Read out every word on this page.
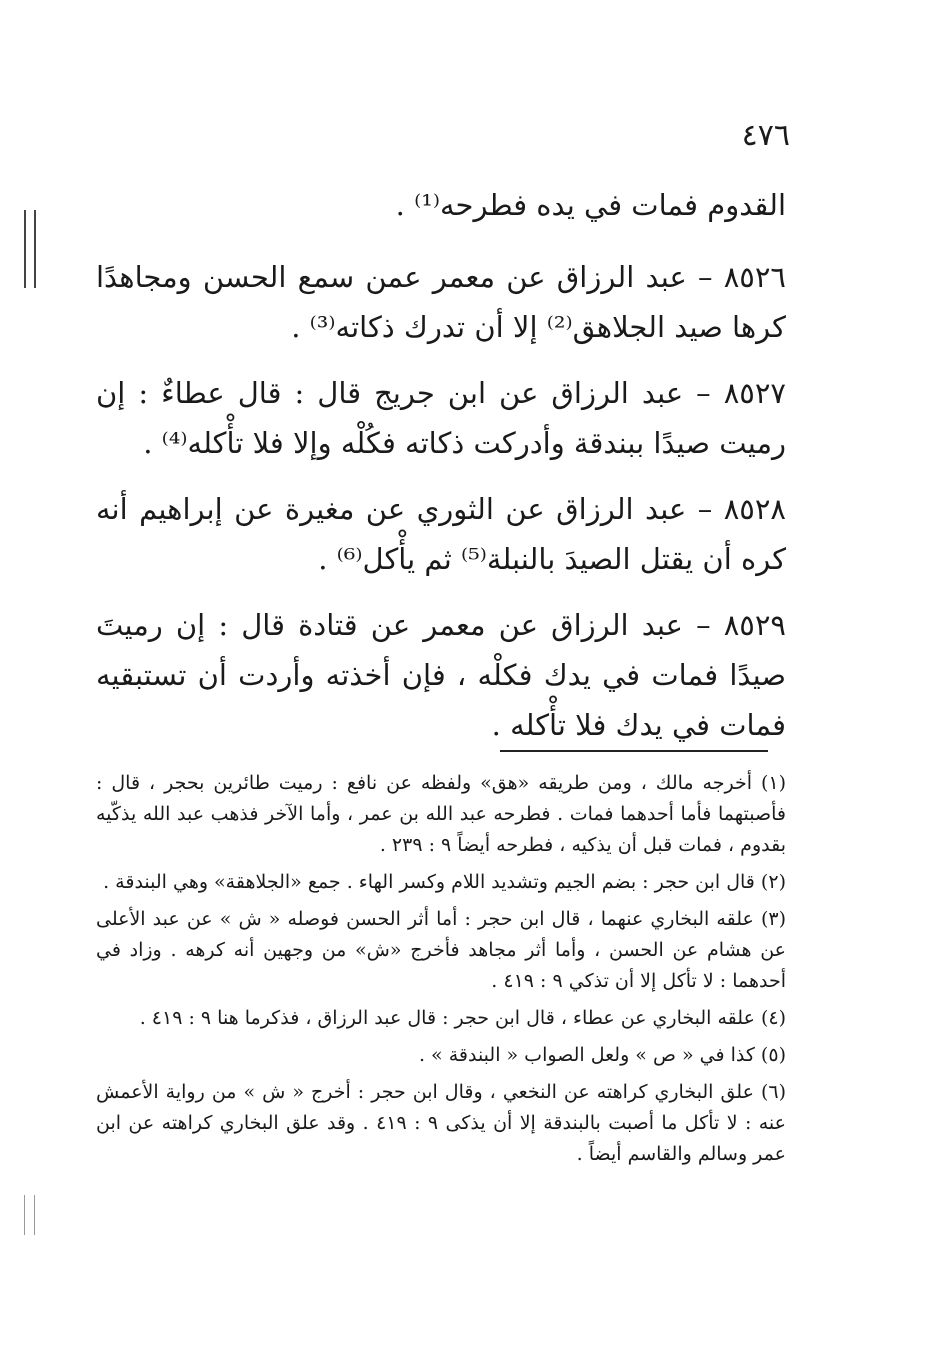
٤٧٦

القدوم فمات في يده فطرحه⁽¹⁾ .

٨٥٢٦ – عبد الرزاق عن معمر عمن سمع الحسن ومجاهدًا كرها صيد الجلاهق⁽²⁾ إلا أن تدرك ذكاته⁽³⁾ .

٨٥٢٧ – عبد الرزاق عن ابن جريج قال : قال عطاءٌ : إن رميت صيدًا ببندقة وأدركت ذكاته فكُلْه وإلا فلا تأْكله⁽⁴⁾ .

٨٥٢٨ – عبد الرزاق عن الثوري عن مغيرة عن إبراهيم أنه كره أن يقتل الصيدَ بالنبلة⁽⁵⁾ ثم يأْكل⁽⁶⁾ .

٨٥٢٩ – عبد الرزاق عن معمر عن قتادة قال : إن رميتَ صيدًا فمات في يدك فكلْه ، فإن أخذته وأردت أن تستبقيه فمات في يدك فلا تأْكله .

(١) أخرجه مالك ، ومن طريقه «هق» ولفظه عن نافع : رميت طائرين بحجر ، قال : فأصبتهما فأما أحدهما فمات . فطرحه عبد الله بن عمر ، وأما الآخر فذهب عبد الله يذكّيه بقدوم ، فمات قبل أن يذكيه ، فطرحه أيضاً ٩ : ٢٣٩ .

(٢) قال ابن حجر : بضم الجيم وتشديد اللام وكسر الهاء . جمع «الجلاهقة» وهي البندقة .

(٣) علقه البخاري عنهما ، قال ابن حجر : أما أثر الحسن فوصله « ش » عن عبد الأعلى عن هشام عن الحسن ، وأما أثر مجاهد فأخرج «ش» من وجهين أنه كرهه . وزاد في أحدهما : لا تأكل إلا أن تذكي ٩ : ٤١٩ .

(٤) علقه البخاري عن عطاء ، قال ابن حجر : قال عبد الرزاق ، فذكرما هنا ٩ : ٤١٩ .

(٥) كذا في « ص » ولعل الصواب « البندقة » .

(٦) علق البخاري كراهته عن النخعي ، وقال ابن حجر : أخرج « ش » من رواية الأعمش عنه : لا تأكل ما أصبت بالبندقة إلا أن يذكى ٩ : ٤١٩ . وقد علق البخاري كراهته عن ابن عمر وسالم والقاسم أيضاً .
